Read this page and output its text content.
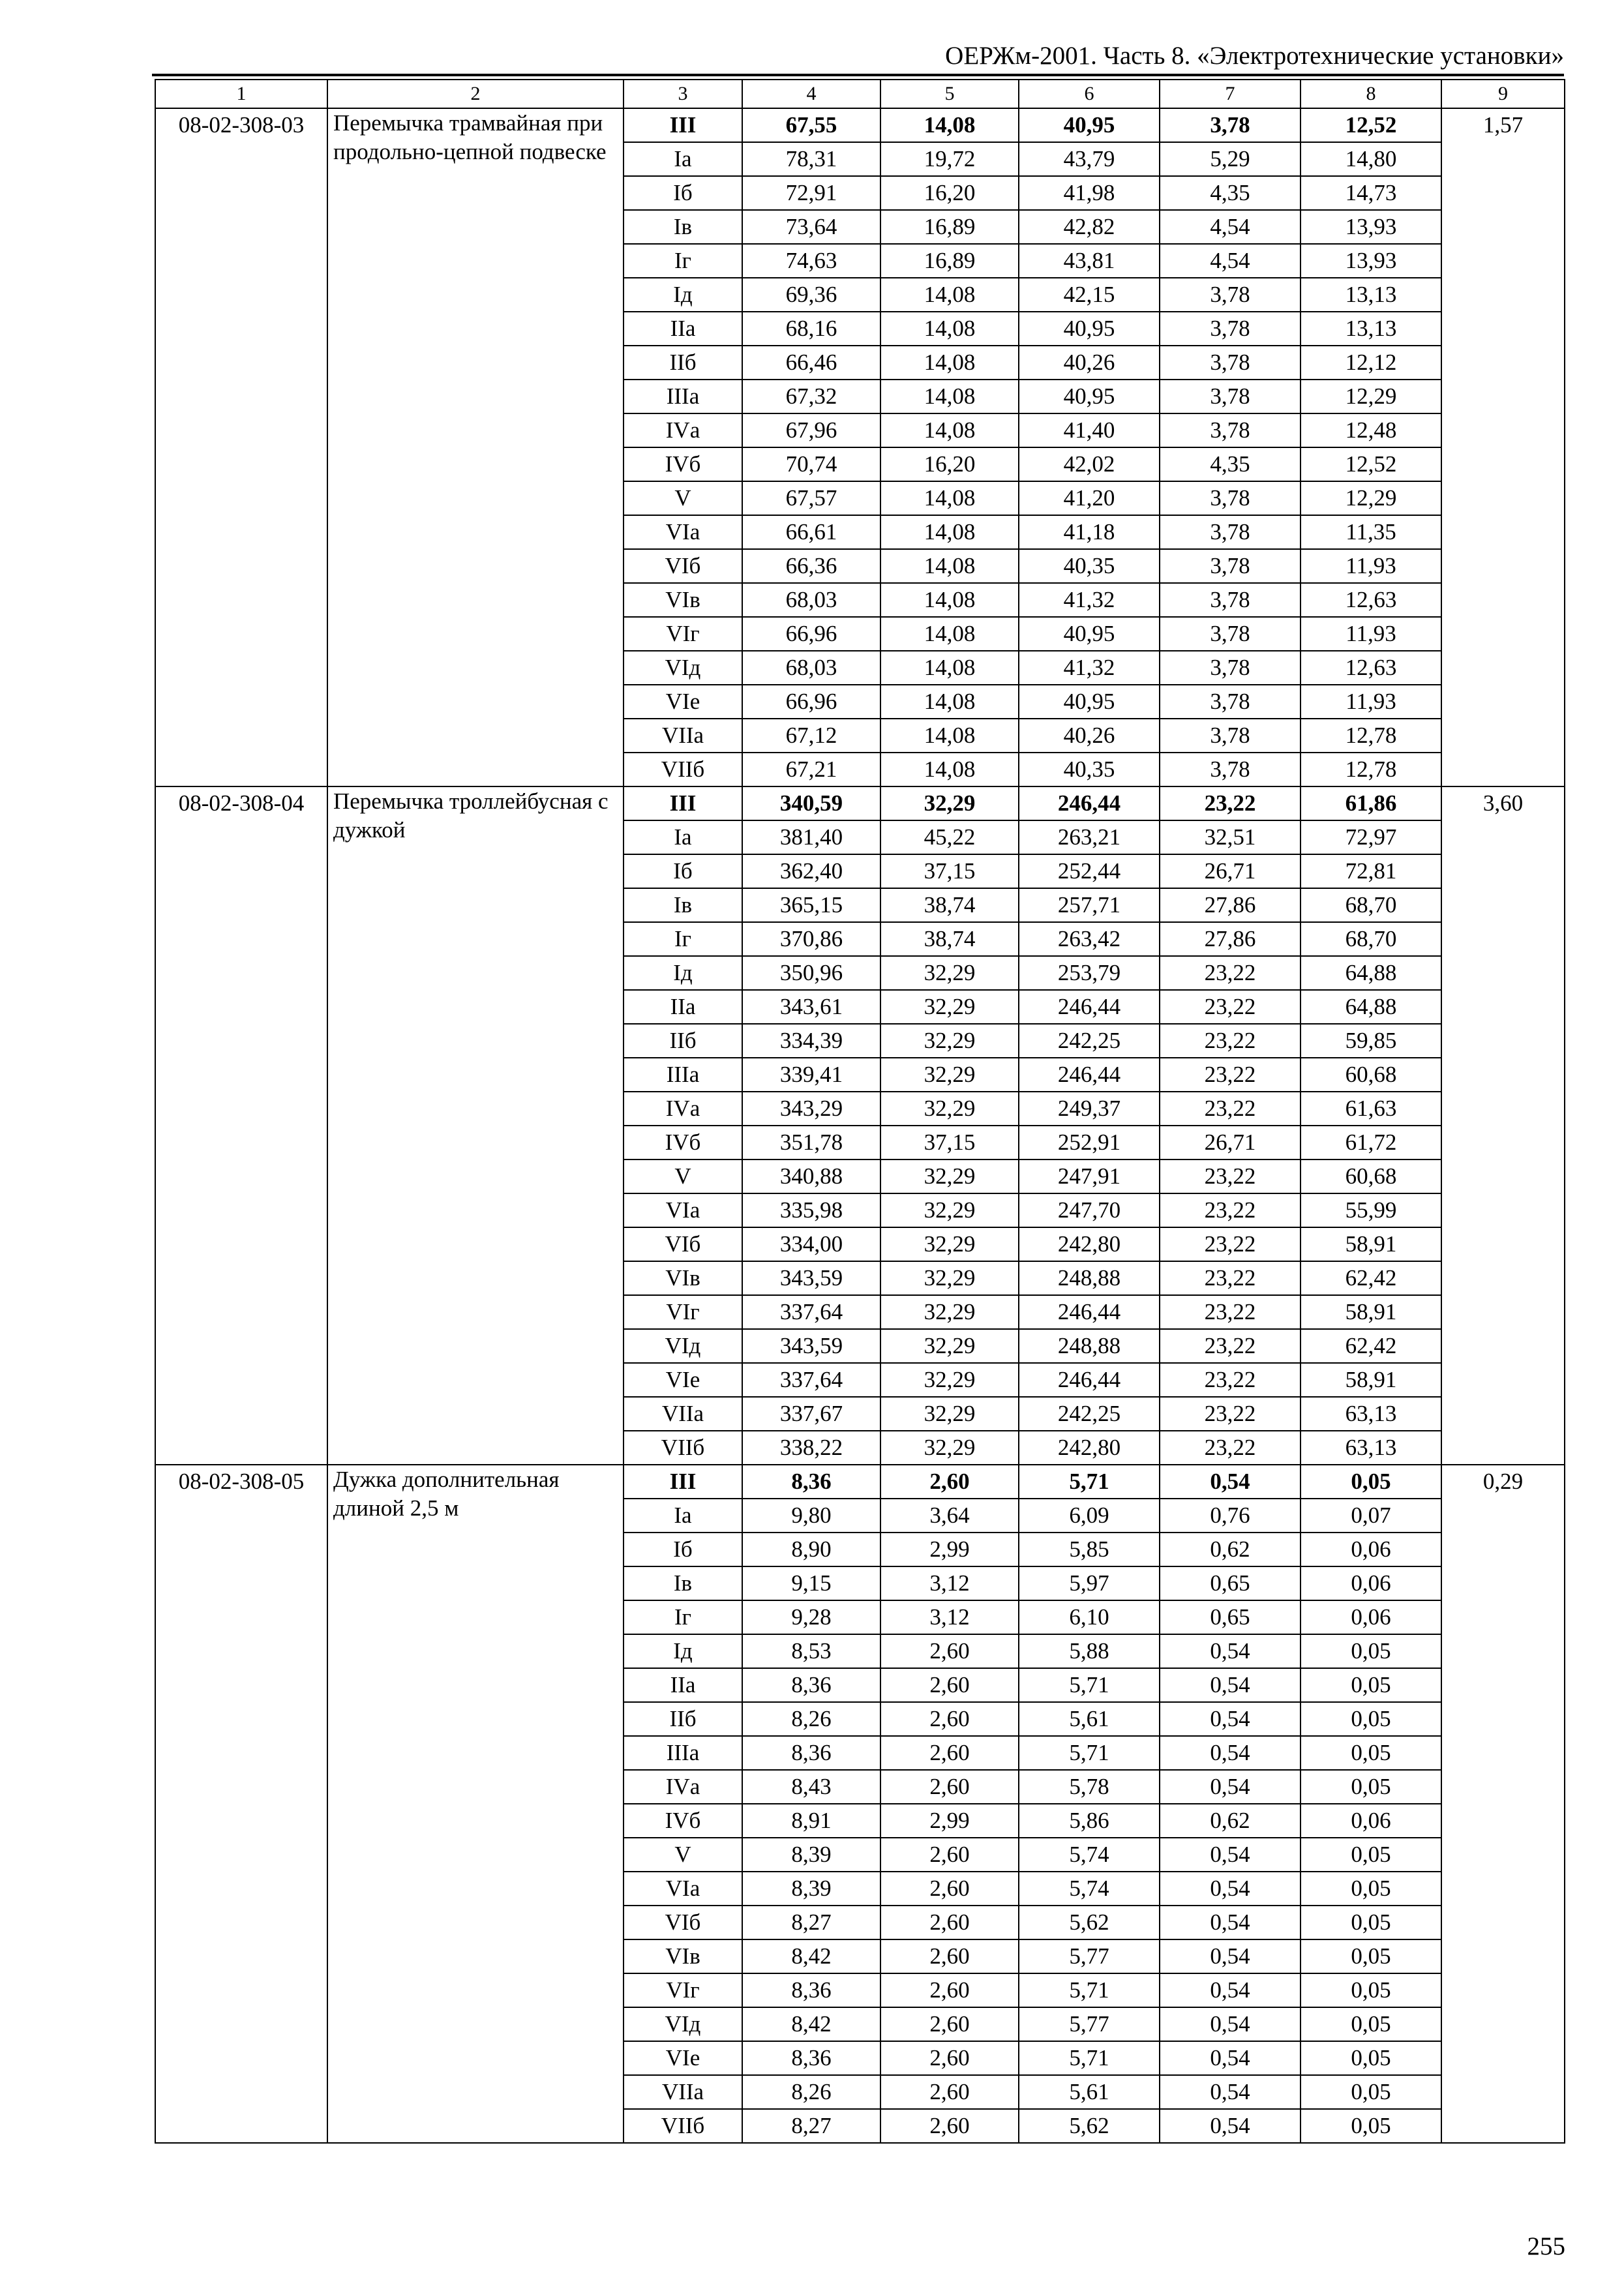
ОЕРЖм-2001. Часть 8. «Электротехнические установки»
1	2	3	4	5	6	7	8	9
08-02-308-03	Перемычка трамвайная при продольно-цепной подвеске	III	67,55	14,08	40,95	3,78	12,52	1,57
		Iа	78,31	19,72	43,79	5,29	14,80	
		Iб	72,91	16,20	41,98	4,35	14,73	
		Iв	73,64	16,89	42,82	4,54	13,93	
		Iг	74,63	16,89	43,81	4,54	13,93	
		Iд	69,36	14,08	42,15	3,78	13,13	
		IIа	68,16	14,08	40,95	3,78	13,13	
		IIб	66,46	14,08	40,26	3,78	12,12	
		IIIа	67,32	14,08	40,95	3,78	12,29	
		IVа	67,96	14,08	41,40	3,78	12,48	
		IVб	70,74	16,20	42,02	4,35	12,52	
		V	67,57	14,08	41,20	3,78	12,29	
		VIа	66,61	14,08	41,18	3,78	11,35	
		VIб	66,36	14,08	40,35	3,78	11,93	
		VIв	68,03	14,08	41,32	3,78	12,63	
		VIг	66,96	14,08	40,95	3,78	11,93	
		VIд	68,03	14,08	41,32	3,78	12,63	
		VIе	66,96	14,08	40,95	3,78	11,93	
		VIIа	67,12	14,08	40,26	3,78	12,78	
		VIIб	67,21	14,08	40,35	3,78	12,78	
08-02-308-04	Перемычка троллейбусная с дужкой	III	340,59	32,29	246,44	23,22	61,86	3,60
		Iа	381,40	45,22	263,21	32,51	72,97	
		Iб	362,40	37,15	252,44	26,71	72,81	
		Iв	365,15	38,74	257,71	27,86	68,70	
		Iг	370,86	38,74	263,42	27,86	68,70	
		Iд	350,96	32,29	253,79	23,22	64,88	
		IIа	343,61	32,29	246,44	23,22	64,88	
		IIб	334,39	32,29	242,25	23,22	59,85	
		IIIа	339,41	32,29	246,44	23,22	60,68	
		IVа	343,29	32,29	249,37	23,22	61,63	
		IVб	351,78	37,15	252,91	26,71	61,72	
		V	340,88	32,29	247,91	23,22	60,68	
		VIа	335,98	32,29	247,70	23,22	55,99	
		VIб	334,00	32,29	242,80	23,22	58,91	
		VIв	343,59	32,29	248,88	23,22	62,42	
		VIг	337,64	32,29	246,44	23,22	58,91	
		VIд	343,59	32,29	248,88	23,22	62,42	
		VIе	337,64	32,29	246,44	23,22	58,91	
		VIIа	337,67	32,29	242,25	23,22	63,13	
		VIIб	338,22	32,29	242,80	23,22	63,13	
08-02-308-05	Дужка дополнительная длиной 2,5 м	III	8,36	2,60	5,71	0,54	0,05	0,29
		Iа	9,80	3,64	6,09	0,76	0,07	
		Iб	8,90	2,99	5,85	0,62	0,06	
		Iв	9,15	3,12	5,97	0,65	0,06	
		Iг	9,28	3,12	6,10	0,65	0,06	
		Iд	8,53	2,60	5,88	0,54	0,05	
		IIа	8,36	2,60	5,71	0,54	0,05	
		IIб	8,26	2,60	5,61	0,54	0,05	
		IIIа	8,36	2,60	5,71	0,54	0,05	
		IVа	8,43	2,60	5,78	0,54	0,05	
		IVб	8,91	2,99	5,86	0,62	0,06	
		V	8,39	2,60	5,74	0,54	0,05	
		VIа	8,39	2,60	5,74	0,54	0,05	
		VIб	8,27	2,60	5,62	0,54	0,05	
		VIв	8,42	2,60	5,77	0,54	0,05	
		VIг	8,36	2,60	5,71	0,54	0,05	
		VIд	8,42	2,60	5,77	0,54	0,05	
		VIе	8,36	2,60	5,71	0,54	0,05	
		VIIа	8,26	2,60	5,61	0,54	0,05	
		VIIб	8,27	2,60	5,62	0,54	0,05	
255
